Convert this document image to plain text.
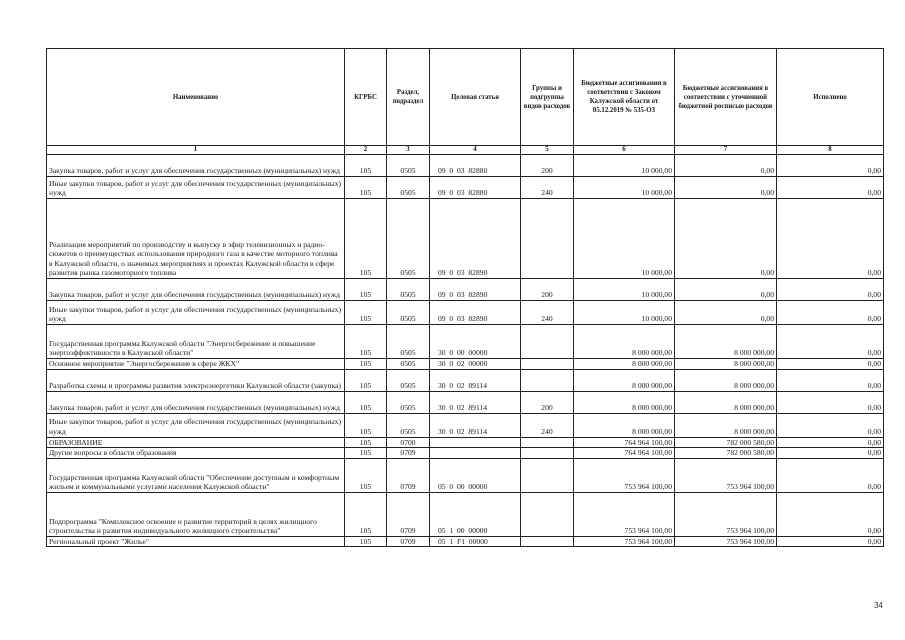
Наименование	КГРБС	Раздел, подраздел	Целевая статья	Группы и подгруппы видов расходов	Бюджетные ассигнования в соответствии с Законом Калужской области от 05.12.2019 № 535-ОЗ	Бюджетные ассигнования в соответствии с уточненной бюджетной росписью расходов	Исполнено
1	2	3	4	5	6	7	8
Закупка товаров, работ и услуг для обеспечения государственных (муниципальных) нужд	105	0505	09  0  03  82880	200	10 000,00	0,00	0,00
Иные закупки товаров, работ и услуг для обеспечения государственных (муниципальных) нужд	105	0505	09  0  03  82880	240	10 000,00	0,00	0,00
Реализация мероприятий по производству и выпуску в эфир телевизионных и радио-сюжетов о преимуществах использования природного газа в качестве моторного топлива в Калужской области, о значимых мероприятиях и проектах Калужской области в сфере развития рынка газомоторного топлива	105	0505	09  0  03  82890		10 000,00	0,00	0,00
Закупка товаров, работ и услуг для обеспечения государственных (муниципальных) нужд	105	0505	09  0  03  82890	200	10 000,00	0,00	0,00
Иные закупки товаров, работ и услуг для обеспечения государственных (муниципальных) нужд	105	0505	09  0  03  82890	240	10 000,00	0,00	0,00
Государственная программа Калужской области "Энергосбережение и повышение энергоэффективности в Калужской области"	105	0505	30  0  00  00000		8 000 000,00	8 000 000,00	0,00
Основное мероприятие "Энергосбережение в сфере ЖКХ"	105	0505	30  0  02  00000		8 000 000,00	8 000 000,00	0,00
Разработка схемы и программы развития электроэнергетики Калужской области (закупка)	105	0505	30  0  02  89114		8 000 000,00	8 000 000,00	0,00
Закупка товаров, работ и услуг для обеспечения государственных (муниципальных) нужд	105	0505	30  0  02  89114	200	8 000 000,00	8 000 000,00	0,00
Иные закупки товаров, работ и услуг для обеспечения государственных (муниципальных) нужд	105	0505	30  0  02  89114	240	8 000 000,00	8 000 000,00	0,00
ОБРАЗОВАНИЕ	105	0700			764 964 100,00	782 000 580,00	0,00
Другие вопросы в области образования	105	0709			764 964 100,00	782 000 580,00	0,00
Государственная программа Калужской области "Обеспечение доступным и комфортным жильем и коммунальными услугами населения Калужской области"	105	0709	05  0  00  00000		753 964 100,00	753 964 100,00	0,00
Подпрограмма "Комплексное освоение и развитие территорий в целях жилищного строительства и развития индивидуального жилищного строительства"	105	0709	05  1  00  00000		753 964 100,00	753 964 100,00	0,00
Региональный проект "Жилье"	105	0709	05  1  F1  00000		753 964 100,00	753 964 100,00	0,00
34
